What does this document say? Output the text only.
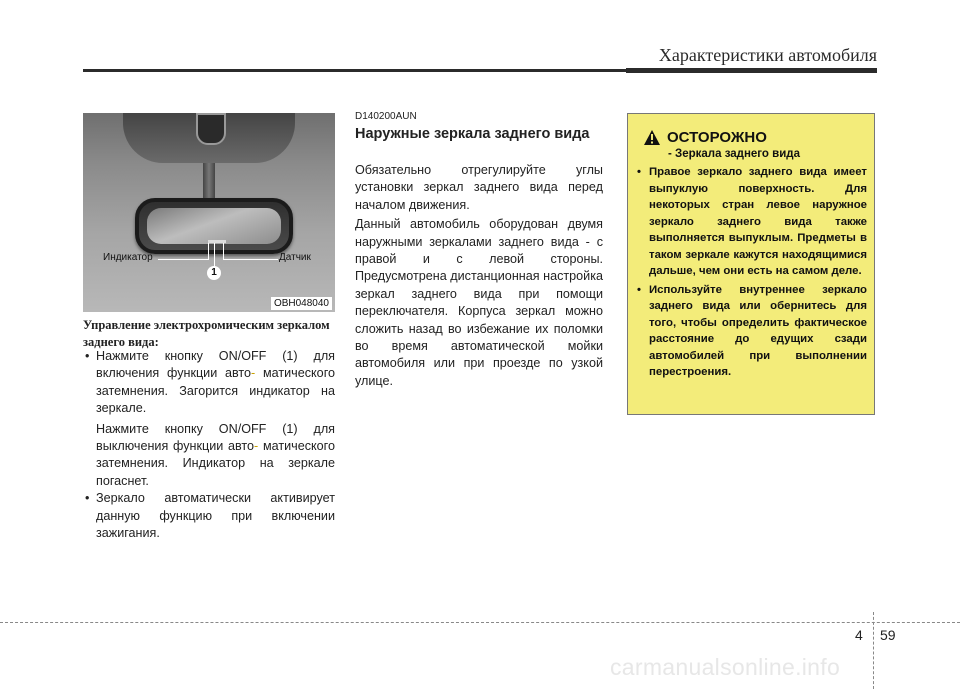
Характеристики автомобиля
Индикатор	Датчик
1
OBH048040
Управление электрохромическим зеркалом заднего вида:
• Нажмите кнопку ON/OFF (1) для включения функции авто- матического затемнения. Загорится индикатор на зеркале.

Нажмите кнопку ON/OFF (1) для выключения функции авто- матического затемнения. Индикатор на зеркале погаснет.

• Зеркало автоматически активирует данную функцию при включении зажигания.

D140200AUN
Наружные зеркала заднего вида

Обязательно отрегулируйте углы установки зеркал заднего вида перед началом движения.

Данный автомобиль оборудован двумя наружными зеркалами заднего вида - с правой и с левой стороны. Предусмотрена дистанционная настройка зеркал заднего вида при помощи переключателя. Корпуса зеркал можно сложить назад во избежание их поломки во время автоматической мойки автомобиля или при проезде по узкой улице.

ОСТОРОЖНО
- Зеркала заднего вида
• Правое зеркало заднего вида имеет выпуклую поверхность. Для некоторых стран левое наружное зеркало заднего вида также выполняется выпуклым. Предметы в таком зеркале кажутся находящимися дальше, чем они есть на самом деле.
• Используйте внутреннее зеркало заднего вида или обернитесь для того, чтобы определить фактическое расстояние до едущих сзади автомобилей при выполнении перестроения.
4 59
carmanualsonline.info
